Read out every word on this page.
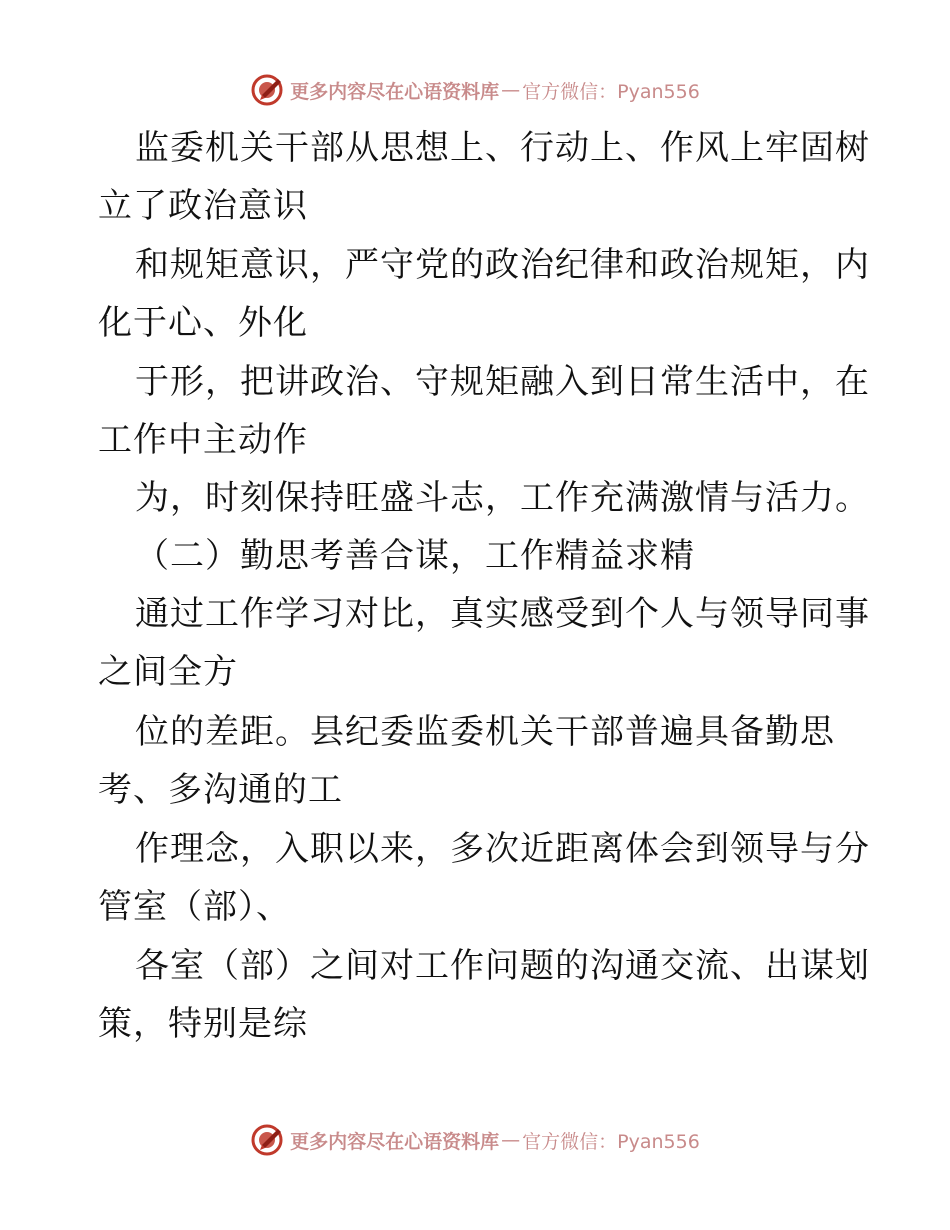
更多内容尽在心语资料库 — 官方微信：Pyan556
监委机关干部从思想上、行动上、作风上牢固树
立了政治意识
和规矩意识，严守党的政治纪律和政治规矩，内
化于心、外化
于形，把讲政治、守规矩融入到日常生活中，在
工作中主动作
为，时刻保持旺盛斗志，工作充满激情与活力。
（二）勤思考善合谋，工作精益求精
通过工作学习对比，真实感受到个人与领导同事
之间全方
位的差距。县纪委监委机关干部普遍具备勤思
考、多沟通的工
作理念，入职以来，多次近距离体会到领导与分
管室（部）、
各室（部）之间对工作问题的沟通交流、出谋划
策，特别是综
更多内容尽在心语资料库 — 官方微信：Pyan556
